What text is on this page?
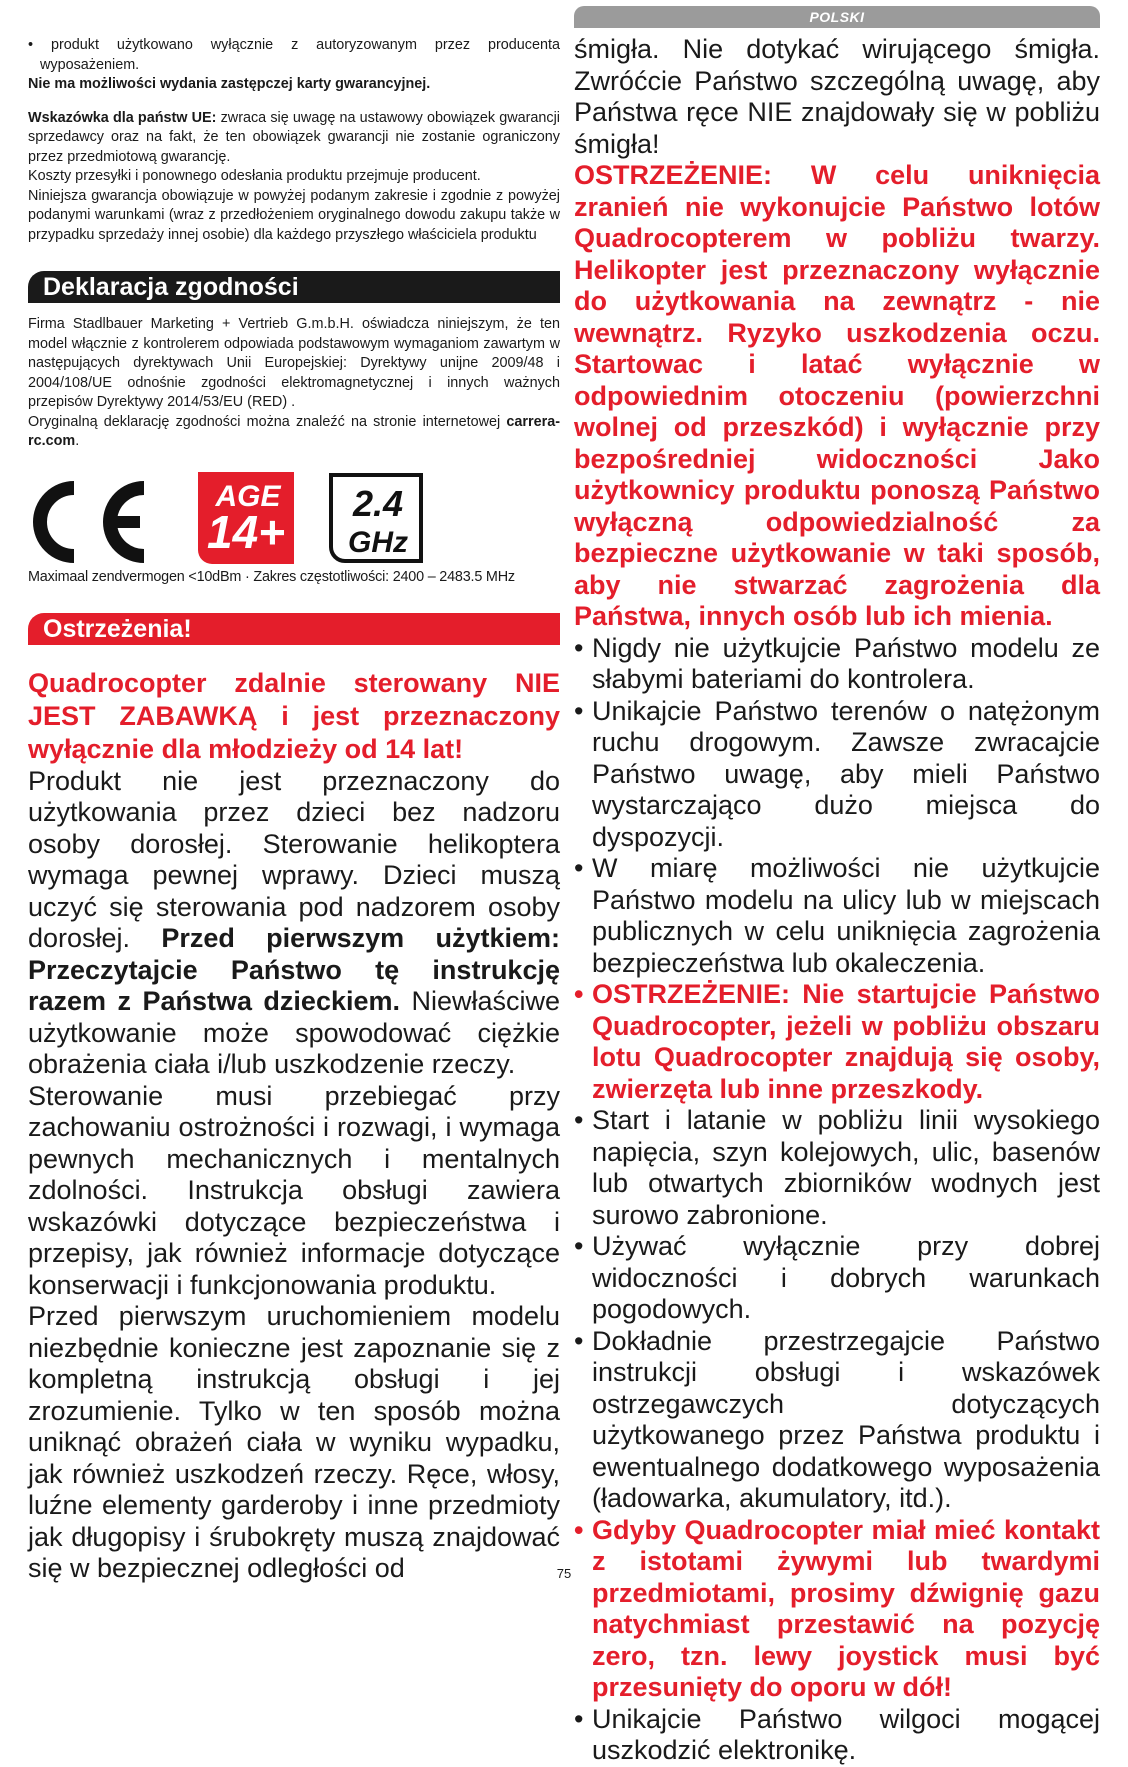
POLSKI

• produkt użytkowano wyłącznie z autoryzowanym przez producenta wyposażeniem.

Nie ma możliwości wydania zastępczej karty gwarancyjnej.

Wskazówka dla państw UE: zwraca się uwagę na ustawowy obowiązek gwarancji sprzedawcy oraz na fakt, że ten obowiązek gwarancji nie zostanie ograniczony przez przedmiotową gwarancję.

Koszty przesyłki i ponownego odesłania produktu przejmuje producent.

Niniejsza gwarancja obowiązuje w powyżej podanym zakresie i zgodnie z powyżej podanymi warunkami (wraz z przedłożeniem oryginalnego dowodu zakupu także w przypadku sprzedaży innej osobie) dla każdego przyszłego właściciela produktu

Deklaracja zgodności

Firma Stadlbauer Marketing + Vertrieb G.m.b.H. oświadcza niniejszym, że ten model włącznie z kontrolerem odpowiada podstawowym wymaganiom zawartym w następujących dyrektywach Unii Europejskiej: Dyrektywy unijne 2009/48 i 2004/108/UE odnośnie zgodności elektromagnetycznej i innych ważnych przepisów Dyrektywy 2014/53/EU (RED) .

Oryginalną deklarację zgodności można znaleźć na stronie internetowej carrera-rc.com.

AGE
14+
2.4
GHz

Maximaal zendvermogen <10dBm · Zakres częstotliwości: 2400 – 2483.5 MHz

Ostrzeżenia!

Quadrocopter zdalnie sterowany NIE JEST ZABAWKĄ i jest przeznaczony wyłącznie dla młodzieży od 14 lat!

Produkt nie jest przeznaczony do użytkowania przez dzieci bez nadzoru osoby dorosłej. Sterowanie helikoptera wymaga pewnej wprawy. Dzieci muszą uczyć się sterowania pod nadzorem osoby dorosłej. Przed pierwszym użytkiem: Przeczytajcie Państwo tę instrukcję razem z Państwa dzieckiem. Niewłaściwe użytkowanie może spowodować ciężkie obrażenia ciała i/lub uszkodzenie rzeczy.

Sterowanie musi przebiegać przy zachowaniu ostrożności i rozwagi, i wymaga pewnych mechanicznych i mentalnych zdolności. Instrukcja obsługi zawiera wskazówki dotyczące bezpieczeństwa i przepisy, jak również informacje dotyczące konserwacji i funkcjonowania produktu.

Przed pierwszym uruchomieniem modelu niezbędnie konieczne jest zapoznanie się z kompletną instrukcją obsługi i jej zrozumienie. Tylko w ten sposób można uniknąć obrażeń ciała w wyniku wypadku, jak również uszkodzeń rzeczy. Ręce, włosy, luźne elementy garderoby i inne przedmioty jak długopisy i śrubokręty muszą znajdować się w bezpiecznej odległości od

śmigła. Nie dotykać wirującego śmigła. Zwróćcie Państwo szczególną uwagę, aby Państwa ręce NIE znajdowały się w pobliżu śmigła!

OSTRZEŻENIE: W celu uniknięcia zranień nie wykonujcie Państwo lotów Quadrocopterem w pobliżu twarzy. Helikopter jest przeznaczony wyłącznie do użytkowania na zewnątrz - nie wewnątrz. Ryzyko uszkodzenia oczu. Startowac i latać wyłącznie w odpowiednim otoczeniu (powierzchni wolnej od przeszkód) i wyłącznie przy bezpośredniej widoczności Jako użytkownicy produktu ponoszą Państwo wyłączną odpowiedzialność za bezpieczne użytkowanie w taki sposób, aby nie stwarzać zagrożenia dla Państwa, innych osób lub ich mienia.

• Nigdy nie użytkujcie Państwo modelu ze słabymi bateriami do kontrolera.
• Unikajcie Państwo terenów o natężonym ruchu drogowym. Zawsze zwracajcie Państwo uwagę, aby mieli Państwo wystarczająco dużo miejsca do dyspozycji.
• W miarę możliwości nie użytkujcie Państwo modelu na ulicy lub w miejscach publicznych w celu uniknięcia zagrożenia bezpieczeństwa lub okaleczenia.
• OSTRZEŻENIE: Nie startujcie Państwo Quadrocopter, jeżeli w pobliżu obszaru lotu Quadrocopter znajdują się osoby, zwierzęta lub inne przeszkody.
• Start i latanie w pobliżu linii wysokiego napięcia, szyn kolejowych, ulic, basenów lub otwartych zbiorników wodnych jest surowo zabronione.
• Używać wyłącznie przy dobrej widoczności i dobrych warunkach pogodowych.
• Dokładnie przestrzegajcie Państwo instrukcji obsługi i wskazówek ostrzegawczych dotyczących użytkowanego przez Państwa produktu i ewentualnego dodatkowego wyposażenia (ładowarka, akumulatory, itd.).
• Gdyby Quadrocopter miał mieć kontakt z istotami żywymi lub twardymi przedmiotami, prosimy dźwignię gazu natychmiast przestawić na pozycję zero, tzn. lewy joystick musi być przesunięty do oporu w dół!
• Unikajcie Państwo wilgoci mogącej uszkodzić elektronikę.
75
